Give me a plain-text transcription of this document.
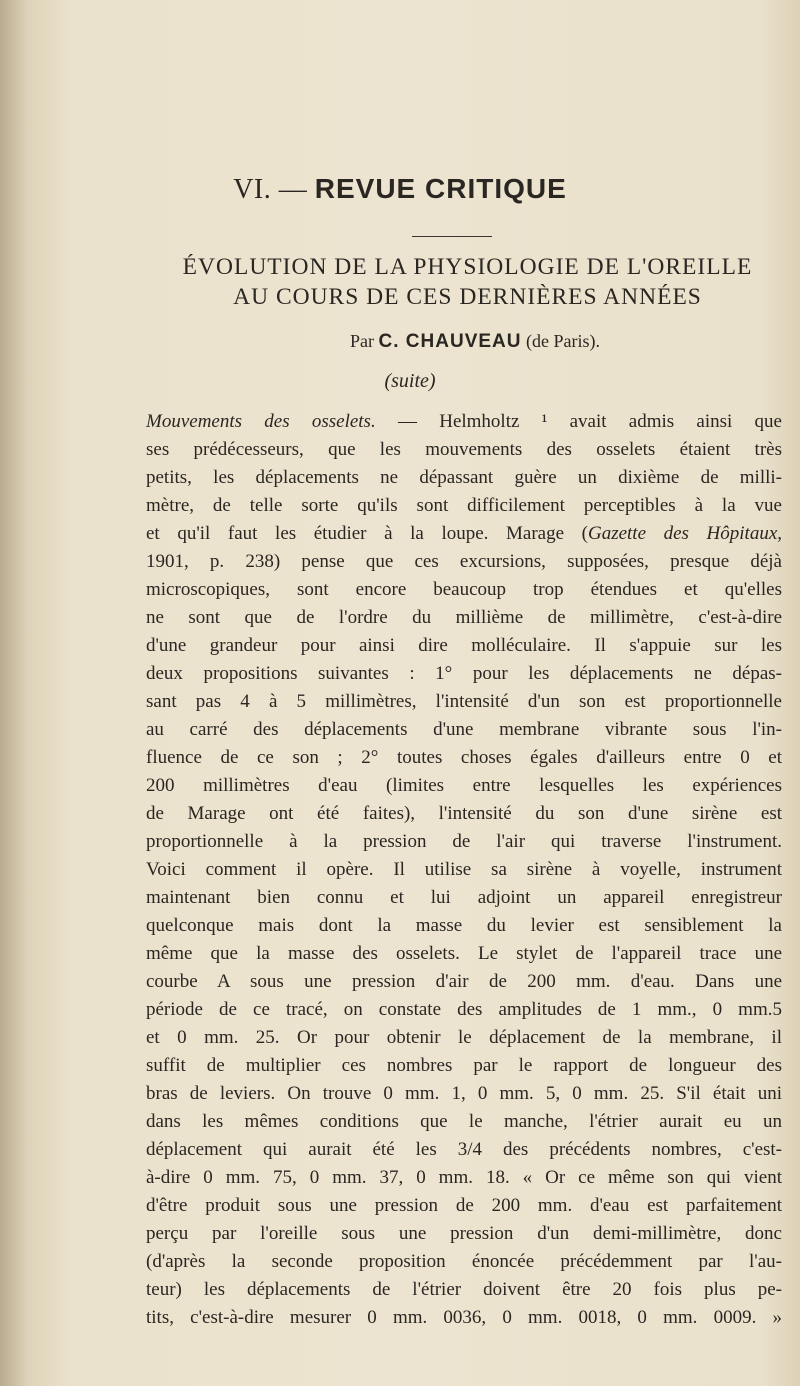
VI. — REVUE CRITIQUE
ÉVOLUTION DE LA PHYSIOLOGIE DE L'OREILLE
AU COURS DE CES DERNIÈRES ANNÉES
Par C. CHAUVEAU (de Paris).
(suite)
Mouvements des osselets. — Helmholtz ¹ avait admis ainsi que
ses prédécesseurs, que les mouvements des osselets étaient très
petits, les déplacements ne dépassant guère un dixième de milli-
mètre, de telle sorte qu'ils sont difficilement perceptibles à la vue
et qu'il faut les étudier à la loupe. Marage (Gazette des Hôpitaux,
1901, p. 238) pense que ces excursions, supposées, presque déjà
microscopiques, sont encore beaucoup trop étendues et qu'elles
ne sont que de l'ordre du millième de millimètre, c'est-à-dire
d'une grandeur pour ainsi dire molléculaire. Il s'appuie sur les
deux propositions suivantes : 1° pour les déplacements ne dépas-
sant pas 4 à 5 millimètres, l'intensité d'un son est proportionnelle
au carré des déplacements d'une membrane vibrante sous l'in-
fluence de ce son ; 2° toutes choses égales d'ailleurs entre 0 et
200 millimètres d'eau (limites entre lesquelles les expériences
de Marage ont été faites), l'intensité du son d'une sirène est
proportionnelle à la pression de l'air qui traverse l'instrument.
Voici comment il opère. Il utilise sa sirène à voyelle, instrument
maintenant bien connu et lui adjoint un appareil enregistreur
quelconque mais dont la masse du levier est sensiblement la
même que la masse des osselets. Le stylet de l'appareil trace une
courbe A sous une pression d'air de 200 mm. d'eau. Dans une
période de ce tracé, on constate des amplitudes de 1 mm., 0 mm.5
et 0 mm. 25. Or pour obtenir le déplacement de la membrane, il
suffit de multiplier ces nombres par le rapport de longueur des
bras de leviers. On trouve 0 mm. 1, 0 mm. 5, 0 mm. 25. S'il était uni
dans les mêmes conditions que le manche, l'étrier aurait eu un
déplacement qui aurait été les 3/4 des précédents nombres, c'est-
à-dire 0 mm. 75, 0 mm. 37, 0 mm. 18. « Or ce même son qui vient
d'être produit sous une pression de 200 mm. d'eau est parfaitement
perçu par l'oreille sous une pression d'un demi-millimètre, donc
(d'après la seconde proposition énoncée précédemment par l'au-
teur) les déplacements de l'étrier doivent être 20 fois plus pe-
tits, c'est-à-dire mesurer 0 mm. 0036, 0 mm. 0018, 0 mm. 0009. »
